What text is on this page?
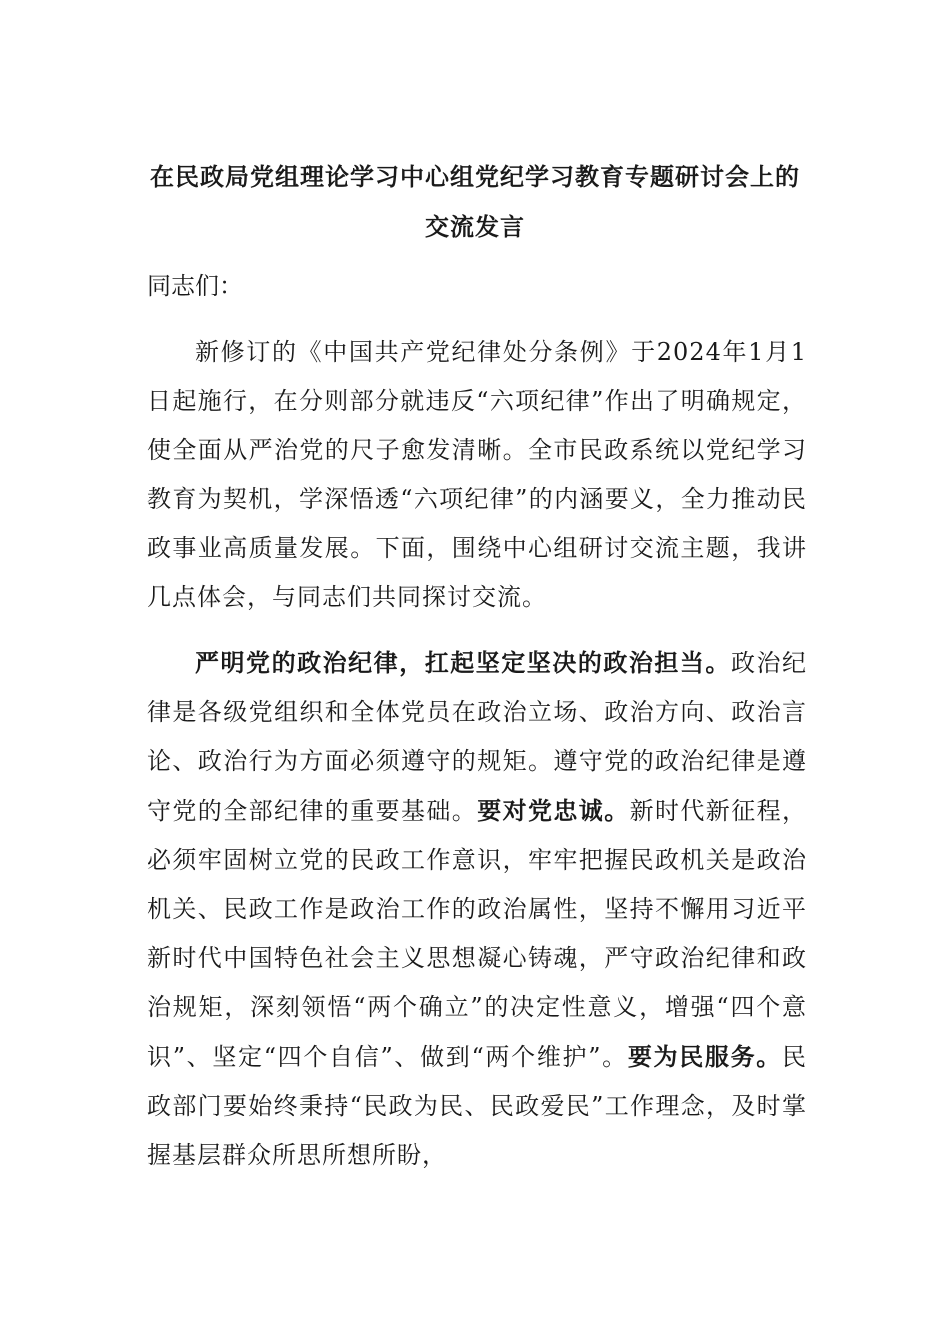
在民政局党组理论学习中心组党纪学习教育专题研讨会上的交流发言
同志们：

新修订的《中国共产党纪律处分条例》于2024年1月1日起施行，在分则部分就违反“六项纪律”作出了明确规定，使全面从严治党的尺子愈发清晰。全市民政系统以党纪学习教育为契机，学深悟透“六项纪律”的内涵要义，全力推动民政事业高质量发展。下面，围绕中心组研讨交流主题，我讲几点体会，与同志们共同探讨交流。

严明党的政治纪律，扛起坚定坚决的政治担当。政治纪律是各级党组织和全体党员在政治立场、政治方向、政治言论、政治行为方面必须遵守的规矩。遵守党的政治纪律是遵守党的全部纪律的重要基础。要对党忠诚。新时代新征程，必须牢固树立党的民政工作意识，牢牢把握民政机关是政治机关、民政工作是政治工作的政治属性，坚持不懈用习近平新时代中国特色社会主义思想凝心铸魂，严守政治纪律和政治规矩，深刻领悟“两个确立”的决定性意义，增强“四个意识”、坚定“四个自信”、做到“两个维护”。要为民服务。民政部门要始终秉持“民政为民、民政爱民”工作理念，及时掌握基层群众所思所想所盼，
